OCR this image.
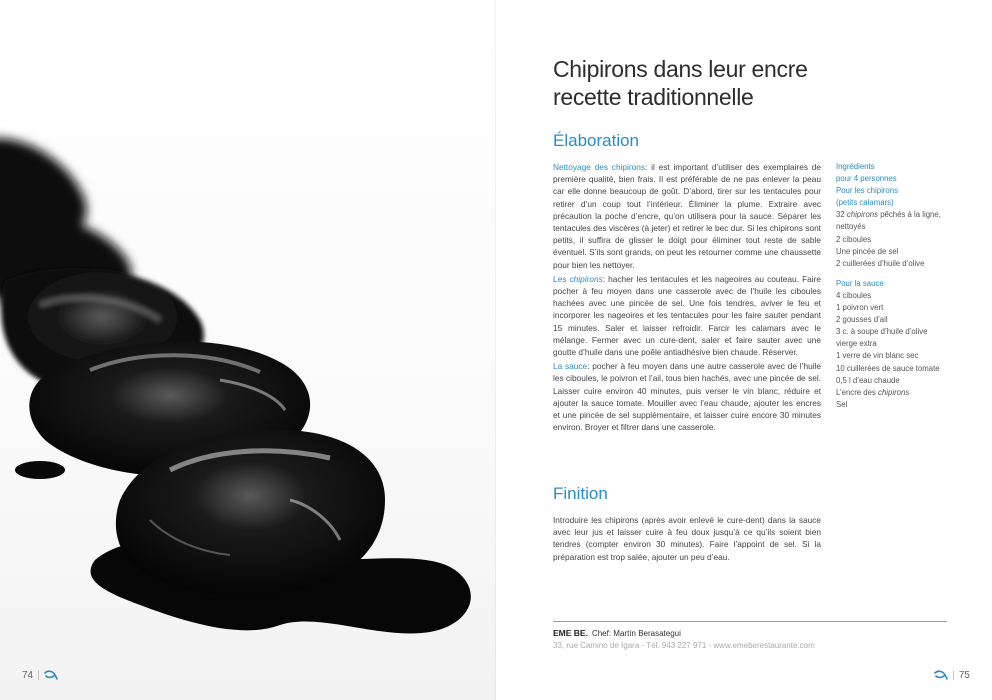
74 |
Chipirons dans leur encre
recette traditionnelle
Élaboration

Nettoyage des chipirons: il est important d’utiliser des exemplaires de première qualité, bien frais. Il est préférable de ne pas enlever la peau car elle donne beaucoup de goût. D’abord, tirer sur les tentacules pour retirer d’un coup tout l’intérieur. Éliminer la plume. Extraire avec précaution la poche d’encre, qu’on utilisera pour la sauce. Séparer les tentacules des viscères (à jeter) et retirer le bec dur. Si les chipirons sont petits, il suffira de glisser le doigt pour éliminer tout reste de sable éventuel. S’ils sont grands, on peut les retourner comme une chaussette pour bien les nettoyer.

Les chipirons: hacher les tentacules et les nageoires au couteau. Faire pocher à feu moyen dans une casserole avec de l’huile les ciboules hachées avec une pincée de sel. Une fois tendres, aviver le feu et incorporer les nageoires et les tentacules pour les faire sauter pendant 15 minutes. Saler et laisser refroidir. Farcir les calamars avec le mélange. Fermer avec un cure-dent, saler et faire sauter avec une goutte d’huile dans une poêle antiadhésive bien chaude. Réserver.

La sauce: pocher à feu moyen dans une autre casserole avec de l’huile les ciboules, le poivron et l’ail, tous bien hachés, avec une pincée de sel. Laisser cuire environ 40 minutes, puis verser le vin blanc, réduire et ajouter la sauce tomate. Mouiller avec l’eau chaude, ajouter les encres et une pincée de sel supplémentaire, et laisser cuire encore 30 minutes environ. Broyer et filtrer dans une casserole.

Finition

Introduire les chipirons (après avoir enlevé le cure-dent) dans la sauce avec leur jus et laisser cuire à feu doux jusqu’à ce qu’ils soient bien tendres (compter environ 30 minutes). Faire l’appoint de sel. Si la préparation est trop salée, ajouter un peu d’eau.

Ingrédients
pour 4 personnes
Pour les chipirons
(petits calamars)
32 chipirons pêchés à la ligne,
nettoyés
2 ciboules
Une pincée de sel
2 cuillerées d’huile d’olive
Pour la sauce
4 ciboules
1 poivron vert
2 gousses d’ail
3 c. à soupe d’huile d’olive
vierge extra
1 verre de vin blanc sec
10 cuillerées de sauce tomate
0,5 l d’eau chaude
L’encre des chipirons
Sel
EME BE. Chef: Martín Berasategui
33, rue Camino de Igara - Tél. 943 227 971 - www.emeberestaurante.com
| 75
